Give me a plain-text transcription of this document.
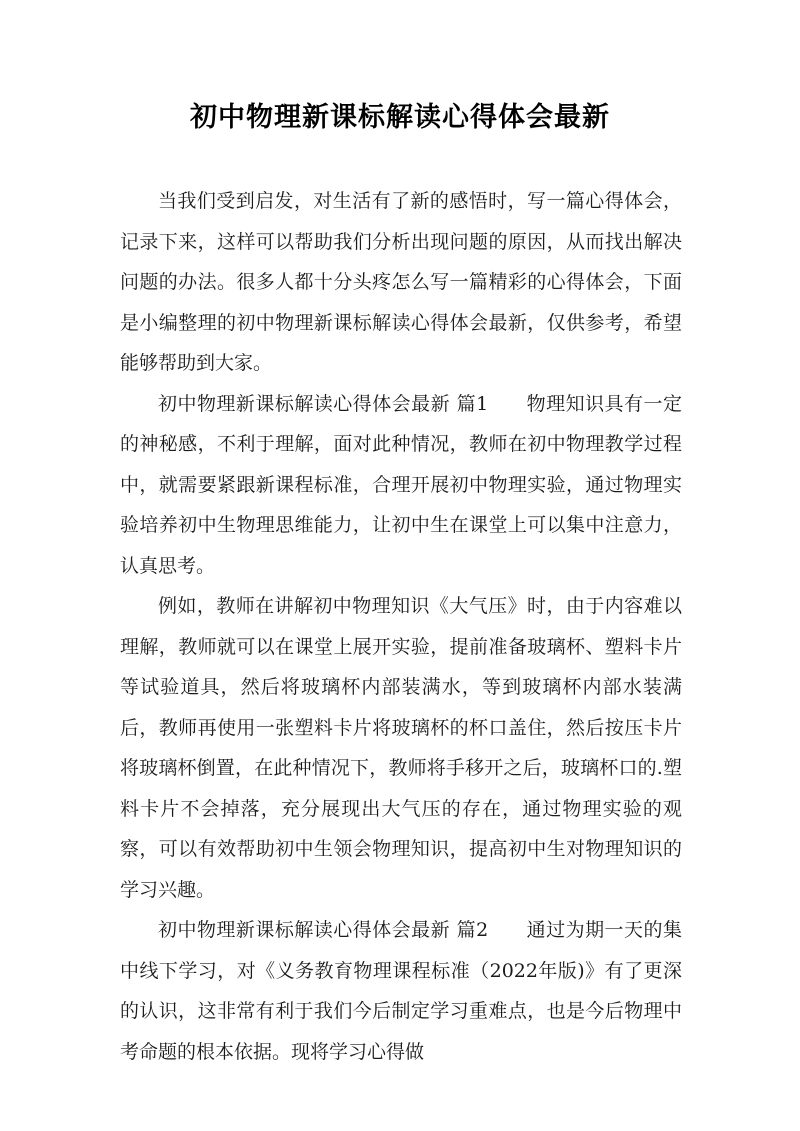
初中物理新课标解读心得体会最新

当我们受到启发，对生活有了新的感悟时，写一篇心得体会，记录下来，这样可以帮助我们分析出现问题的原因，从而找出解决问题的办法。很多人都十分头疼怎么写一篇精彩的心得体会，下面是小编整理的初中物理新课标解读心得体会最新，仅供参考，希望能够帮助到大家。

初中物理新课标解读心得体会最新 篇1 物理知识具有一定的神秘感，不利于理解，面对此种情况，教师在初中物理教学过程中，就需要紧跟新课程标准，合理开展初中物理实验，通过物理实验培养初中生物理思维能力，让初中生在课堂上可以集中注意力，认真思考。

例如，教师在讲解初中物理知识《大气压》时，由于内容难以理解，教师就可以在课堂上展开实验，提前准备玻璃杯、塑料卡片等试验道具，然后将玻璃杯内部装满水，等到玻璃杯内部水装满后，教师再使用一张塑料卡片将玻璃杯的杯口盖住，然后按压卡片将玻璃杯倒置，在此种情况下，教师将手移开之后，玻璃杯口的.塑料卡片不会掉落，充分展现出大气压的存在，通过物理实验的观察，可以有效帮助初中生领会物理知识，提高初中生对物理知识的学习兴趣。

初中物理新课标解读心得体会最新 篇2 通过为期一天的集中线下学习，对《义务教育物理课程标准（2022年版)》有了更深的认识，这非常有利于我们今后制定学习重难点，也是今后物理中考命题的根本依据。现将学习心得做
